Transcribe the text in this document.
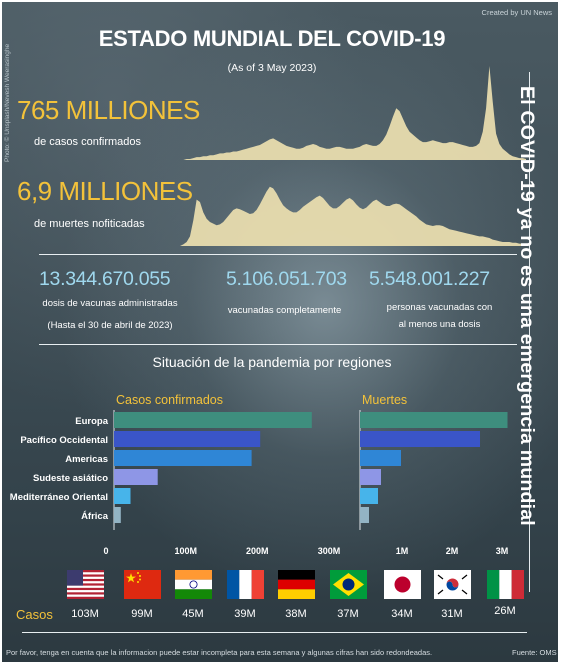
Created by UN News
Photo: © Unsplash/Nevesh Weerasinghe
ESTADO MUNDIAL DEL COVID-19
(As of 3 May 2023)
765 MILLIONES
de casos confirmados
6,9 MILLIONES
de muertes nofiticadas
13.344.670.055
dosis de vacunas administradas
(Hasta el 30 de abril de 2023)
5.106.051.703
vacunadas completamente
5.548.001.227
personas vacunadas con
al menos una dosis
Situación de la pandemia por regiones
Casos confirmados	Muertes
Europa
Pacífico Occidental
Americas
Sudeste asiático
Mediterráneo Oriental
África
0	100M	200M	300M	1M	2M	3M
El COVID-19 ya no es una emergencia mundial
103M	99M	45M	39M	38M	37M	34M	31M	26M
Casos
Por favor, tenga en cuenta que la informacion puede estar incompleta para esta semana y algunas cifras han sido redondeadas.	Fuente: OMS
